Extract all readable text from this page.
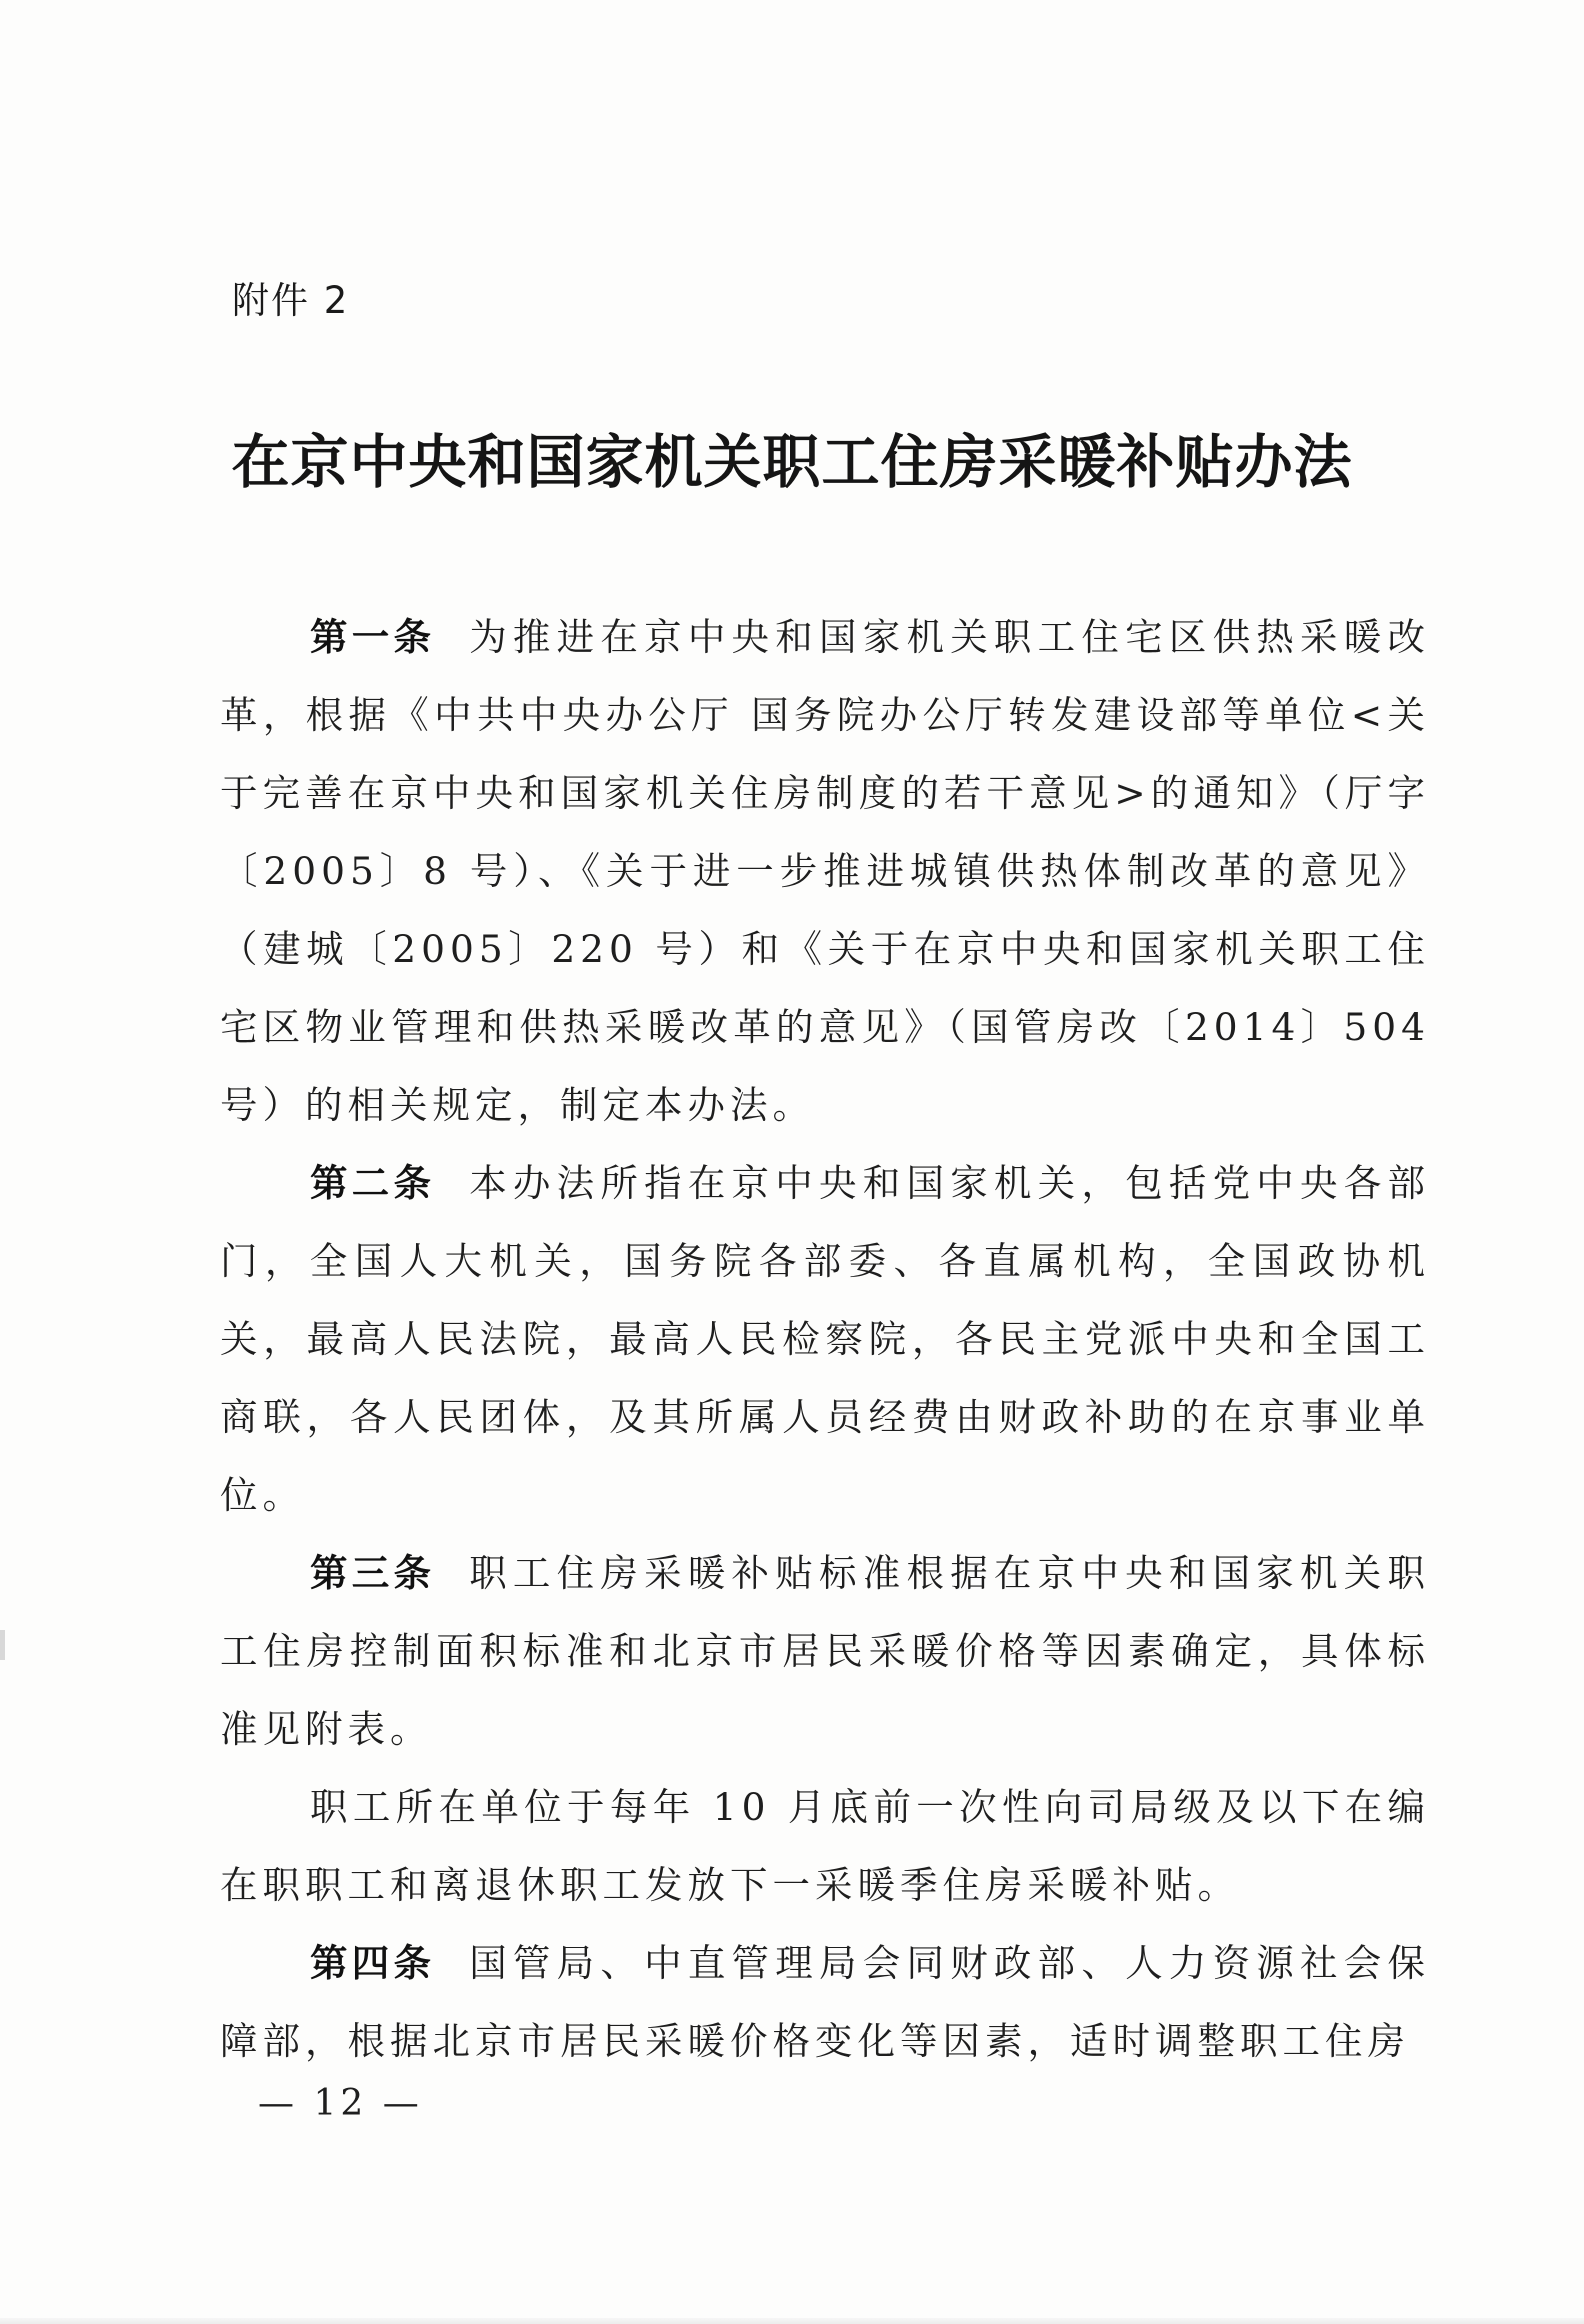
附件 2
在京中央和国家机关职工住房采暖补贴办法

第一条 为推进在京中央和国家机关职工住宅区供热采暖改革，根据《中共中央办公厅 国务院办公厅转发建设部等单位<关于完善在京中央和国家机关住房制度的若干意见>的通知》（厅字〔2005〕8 号）、《关于进一步推进城镇供热体制改革的意见》（建城〔2005〕220 号）和《关于在京中央和国家机关职工住宅区物业管理和供热采暖改革的意见》（国管房改〔2014〕504 号）的相关规定，制定本办法。

第二条 本办法所指在京中央和国家机关，包括党中央各部门，全国人大机关，国务院各部委、各直属机构，全国政协机关，最高人民法院，最高人民检察院，各民主党派中央和全国工商联，各人民团体，及其所属人员经费由财政补助的在京事业单位。

第三条 职工住房采暖补贴标准根据在京中央和国家机关职工住房控制面积标准和北京市居民采暖价格等因素确定，具体标准见附表。

职工所在单位于每年 10 月底前一次性向司局级及以下在编在职职工和离退休职工发放下一采暖季住房采暖补贴。

第四条 国管局、中直管理局会同财政部、人力资源社会保障部，根据北京市居民采暖价格变化等因素，适时调整职工住房

— 12 —
